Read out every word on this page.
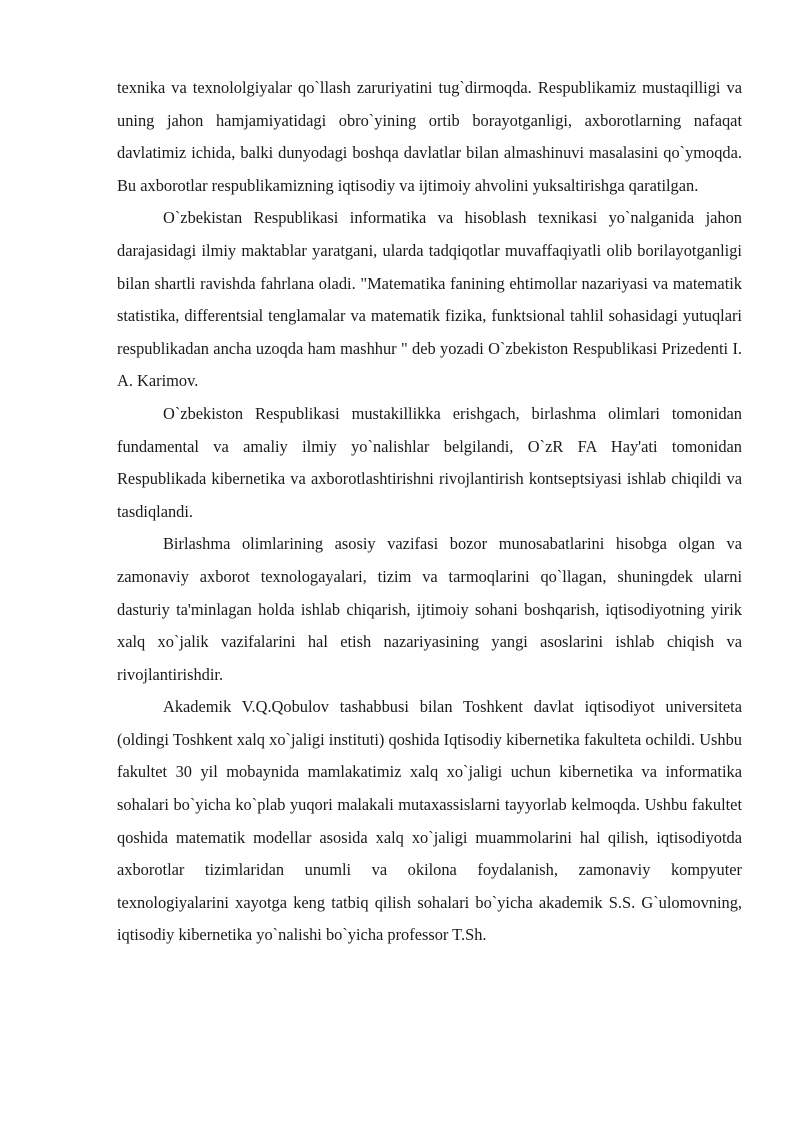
texnika va texnololgiyalar qo`llash zaruriyatini tug`dirmoqda. Respublikamiz mustaqilligi va uning jahon hamjamiyatidagi obro`yining ortib borayotganligi, axborotlarning nafaqat davlatimiz ichida, balki dunyodagi boshqa davlatlar bilan almashinuvi masalasini qo`ymoqda. Bu axborotlar respublikamizning iqtisodiy va ijtimoiy ahvolini yuksaltirishga qaratilgan.

O`zbekistan Respublikasi informatika va hisoblash texnikasi yo`nalganida jahon darajasidagi ilmiy maktablar yaratgani, ularda tadqiqotlar muvaffaqiyatli olib borilayotganligi bilan shartli ravishda fahrlana oladi. "Matematika fanining ehtimollar nazariyasi va matematik statistika, differentsial tenglamalar va matematik fizika, funktsional tahlil sohasidagi yutuqlari respublikadan ancha uzoqda ham mashhur " deb yozadi O`zbekiston Respublikasi Prizedenti I. A. Karimov.

O`zbekiston Respublikasi mustakillikka erishgach, birlashma olimlari tomonidan fundamental va amaliy ilmiy yo`nalishlar belgilandi, O`zR FA Hay'ati tomonidan Respublikada kibernetika va axborotlashtirishni rivojlantirish kontseptsiyasi ishlab chiqildi va tasdiqlandi.

Birlashma olimlarining asosiy vazifasi bozor munosabatlarini hisobga olgan va zamonaviy axborot texnologayalari, tizim va tarmoqlarini qo`llagan, shuningdek ularni dasturiy ta'minlagan holda ishlab chiqarish, ijtimoiy sohani boshqarish, iqtisodiyotning yirik xalq xo`jalik vazifalarini hal etish nazariyasining yangi asoslarini ishlab chiqish va rivojlantirishdir.

Akademik V.Q.Qobulov tashabbusi bilan Toshkent davlat iqtisodiyot universiteta (oldingi Toshkent xalq xo`jaligi instituti) qoshida Iqtisodiy kibernetika fakulteta ochildi. Ushbu fakultet 30 yil mobaynida mamlakatimiz xalq xo`jaligi uchun kibernetika va informatika sohalari bo`yicha ko`plab yuqori malakali mutaxassislarni tayyorlab kelmoqda. Ushbu fakultet qoshida matematik modellar asosida xalq xo`jaligi muammolarini hal qilish, iqtisodiyotda axborotlar tizimlaridan unumli va okilona foydalanish, zamonaviy kompyuter texnologiyalarini xayotga keng tatbiq qilish sohalari bo`yicha akademik S.S. G`ulomovning, iqtisodiy kibernetika yo`nalishi bo`yicha professor T.Sh.
